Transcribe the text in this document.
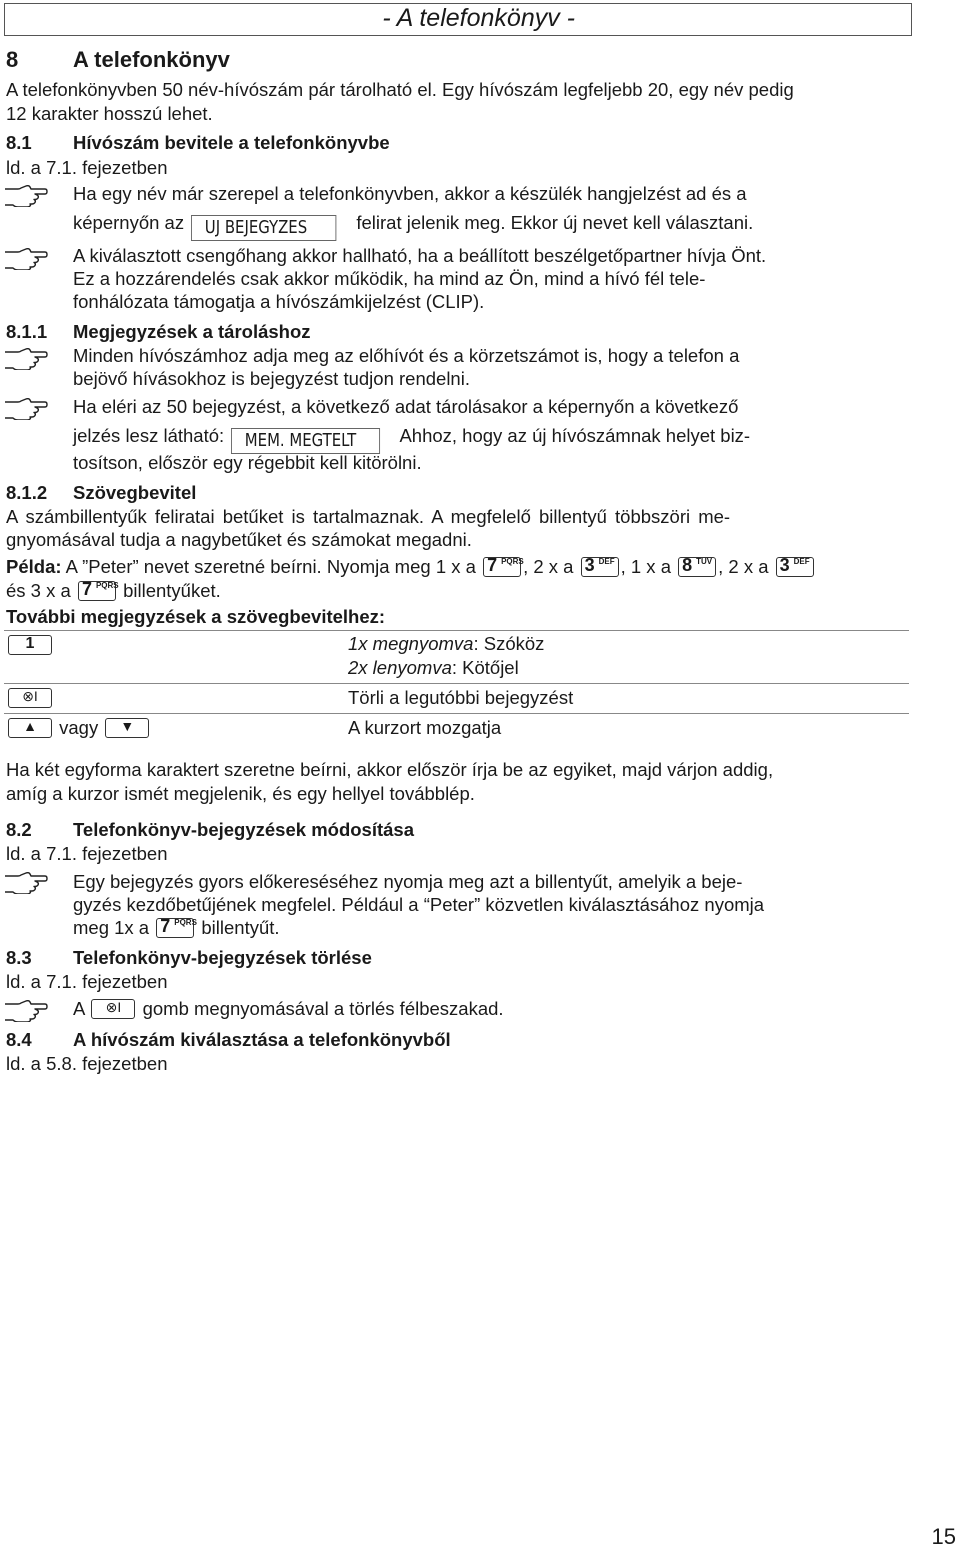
- A telefonkönyv -
8 A telefonkönyv
A telefonkönyvben 50 név-hívószám pár tárolható el. Egy hívószám legfeljebb 20, egy név pedig
12 karakter hosszú lehet.
8.1 Hívószám bevitele a telefonkönyvbe
ld. a 7.1. fejezetben
Ha egy név már szerepel a telefonkönyvben, akkor a készülék hangjelzést ad és a
képernyőn az UJ BEJEGYZES	felirat jelenik meg. Ekkor új nevet kell választani.
A kiválasztott csengőhang akkor hallható, ha a beállított beszélgetőpartner hívja Önt.
Ez a hozzárendelés csak akkor működik, ha mind az Ön, mind a hívó fél tele-
fonhálózata támogatja a hívószámkijelzést (CLIP).
8.1.1 Megjegyzések a tároláshoz
Minden hívószámhoz adja meg az előhívót és a körzetszámot is, hogy a telefon a
bejövő hívásokhoz is bejegyzést tudjon rendelni.
Ha eléri az 50 bejegyzést, a következő adat tárolásakor a képernyőn a következő
jelzés lesz látható: MEM. MEGTELT Ahhoz, hogy az új hívószámnak helyet biz-
tosítson, először egy régebbit kell kitörölni.
8.1.2 Szövegbevitel
A számbillentyűk feliratai betűket is tartalmaznak. A megfelelő billentyű többszöri me-
gnyomásával tudja a nagybetűket és számokat megadni.
Példa: A ”Peter” nevet szeretné beírni. Nyomja meg 1 x a 7 PQRS , 2 x a 3 DEF , 1 x a 8 TUV , 2 x a 3 DEF
és 3 x a 7 PQRS billentyűket.
További megjegyzések a szövegbevitelhez:
1	1x megnyomva: Szóköz
2x lenyomva: Kötőjel
⊗I	Törli a legutóbbi bejegyzést
▲	vagy	▼	A kurzort mozgatja
Ha két egyforma karaktert szeretne beírni, akkor először írja be az egyiket, majd várjon addig,
amíg a kurzor ismét megjelenik, és egy hellyel továbblép.
8.2 Telefonkönyv-bejegyzések módosítása
ld. a 7.1. fejezetben
Egy bejegyzés gyors előkereséséhez nyomja meg azt a billentyűt, amelyik a beje-
gyzés kezdőbetűjének megfelel. Például a “Peter” közvetlen kiválasztásához nyomja
meg 1x a 7 PQRS billentyűt.
8.3 Telefonkönyv-bejegyzések törlése
ld. a 7.1. fejezetben
A	⊗I	gomb megnyomásával a törlés félbeszakad.
8.4 A hívószám kiválasztása a telefonkönyvből
ld. a 5.8. fejezetben
15
